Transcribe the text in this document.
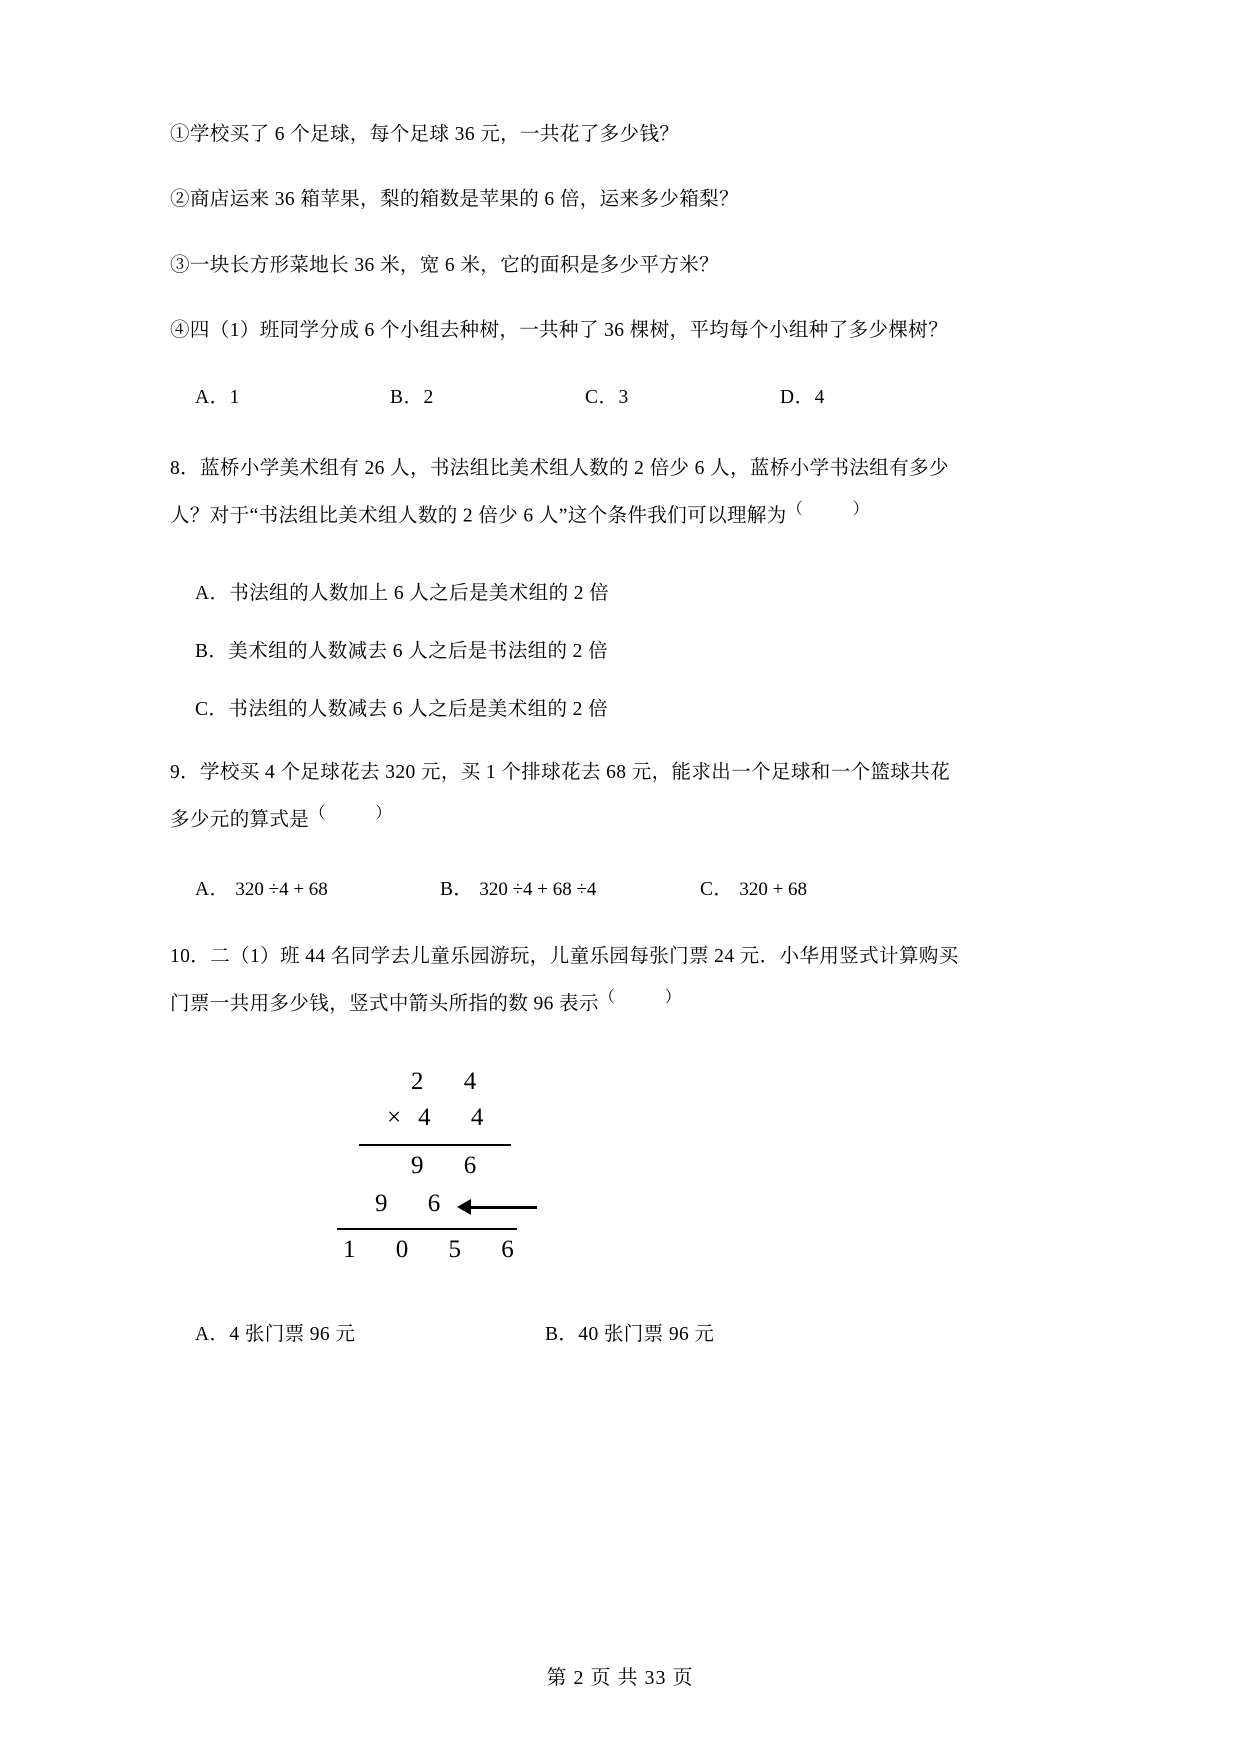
①学校买了 6 个足球，每个足球 36 元，一共花了多少钱？
②商店运来 36 箱苹果，梨的箱数是苹果的 6 倍，运来多少箱梨？
③一块长方形菜地长 36 米，宽 6 米，它的面积是多少平方米？
④四（1）班同学分成 6 个小组去种树，一共种了 36 棵树，平均每个小组种了多少棵树？
A．1	B．2	C．3	D．4
8．蓝桥小学美术组有 26 人，书法组比美术组人数的 2 倍少 6 人，蓝桥小学书法组有多少
人？对于“书法组比美术组人数的 2 倍少 6 人”这个条件我们可以理解为（　　）
A．书法组的人数加上 6 人之后是美术组的 2 倍
B．美术组的人数减去 6 人之后是书法组的 2 倍
C．书法组的人数减去 6 人之后是美术组的 2 倍
9．学校买 4 个足球花去 320 元，买 1 个排球花去 68 元，能求出一个足球和一个篮球共花
多少元的算式是（　　）
A． 320 ÷4 + 68	B． 320 ÷4 + 68 ÷4	C． 320 + 68
10．二（1）班 44 名同学去儿童乐园游玩，儿童乐园每张门票 24 元．小华用竖式计算购买
门票一共用多少钱，竖式中箭头所指的数 96 表示（　　）
2 4
×4 4
9 6
9 6
1 0 5 6
A．4 张门票 96 元	B．40 张门票 96 元
第 2 页 共 33 页
